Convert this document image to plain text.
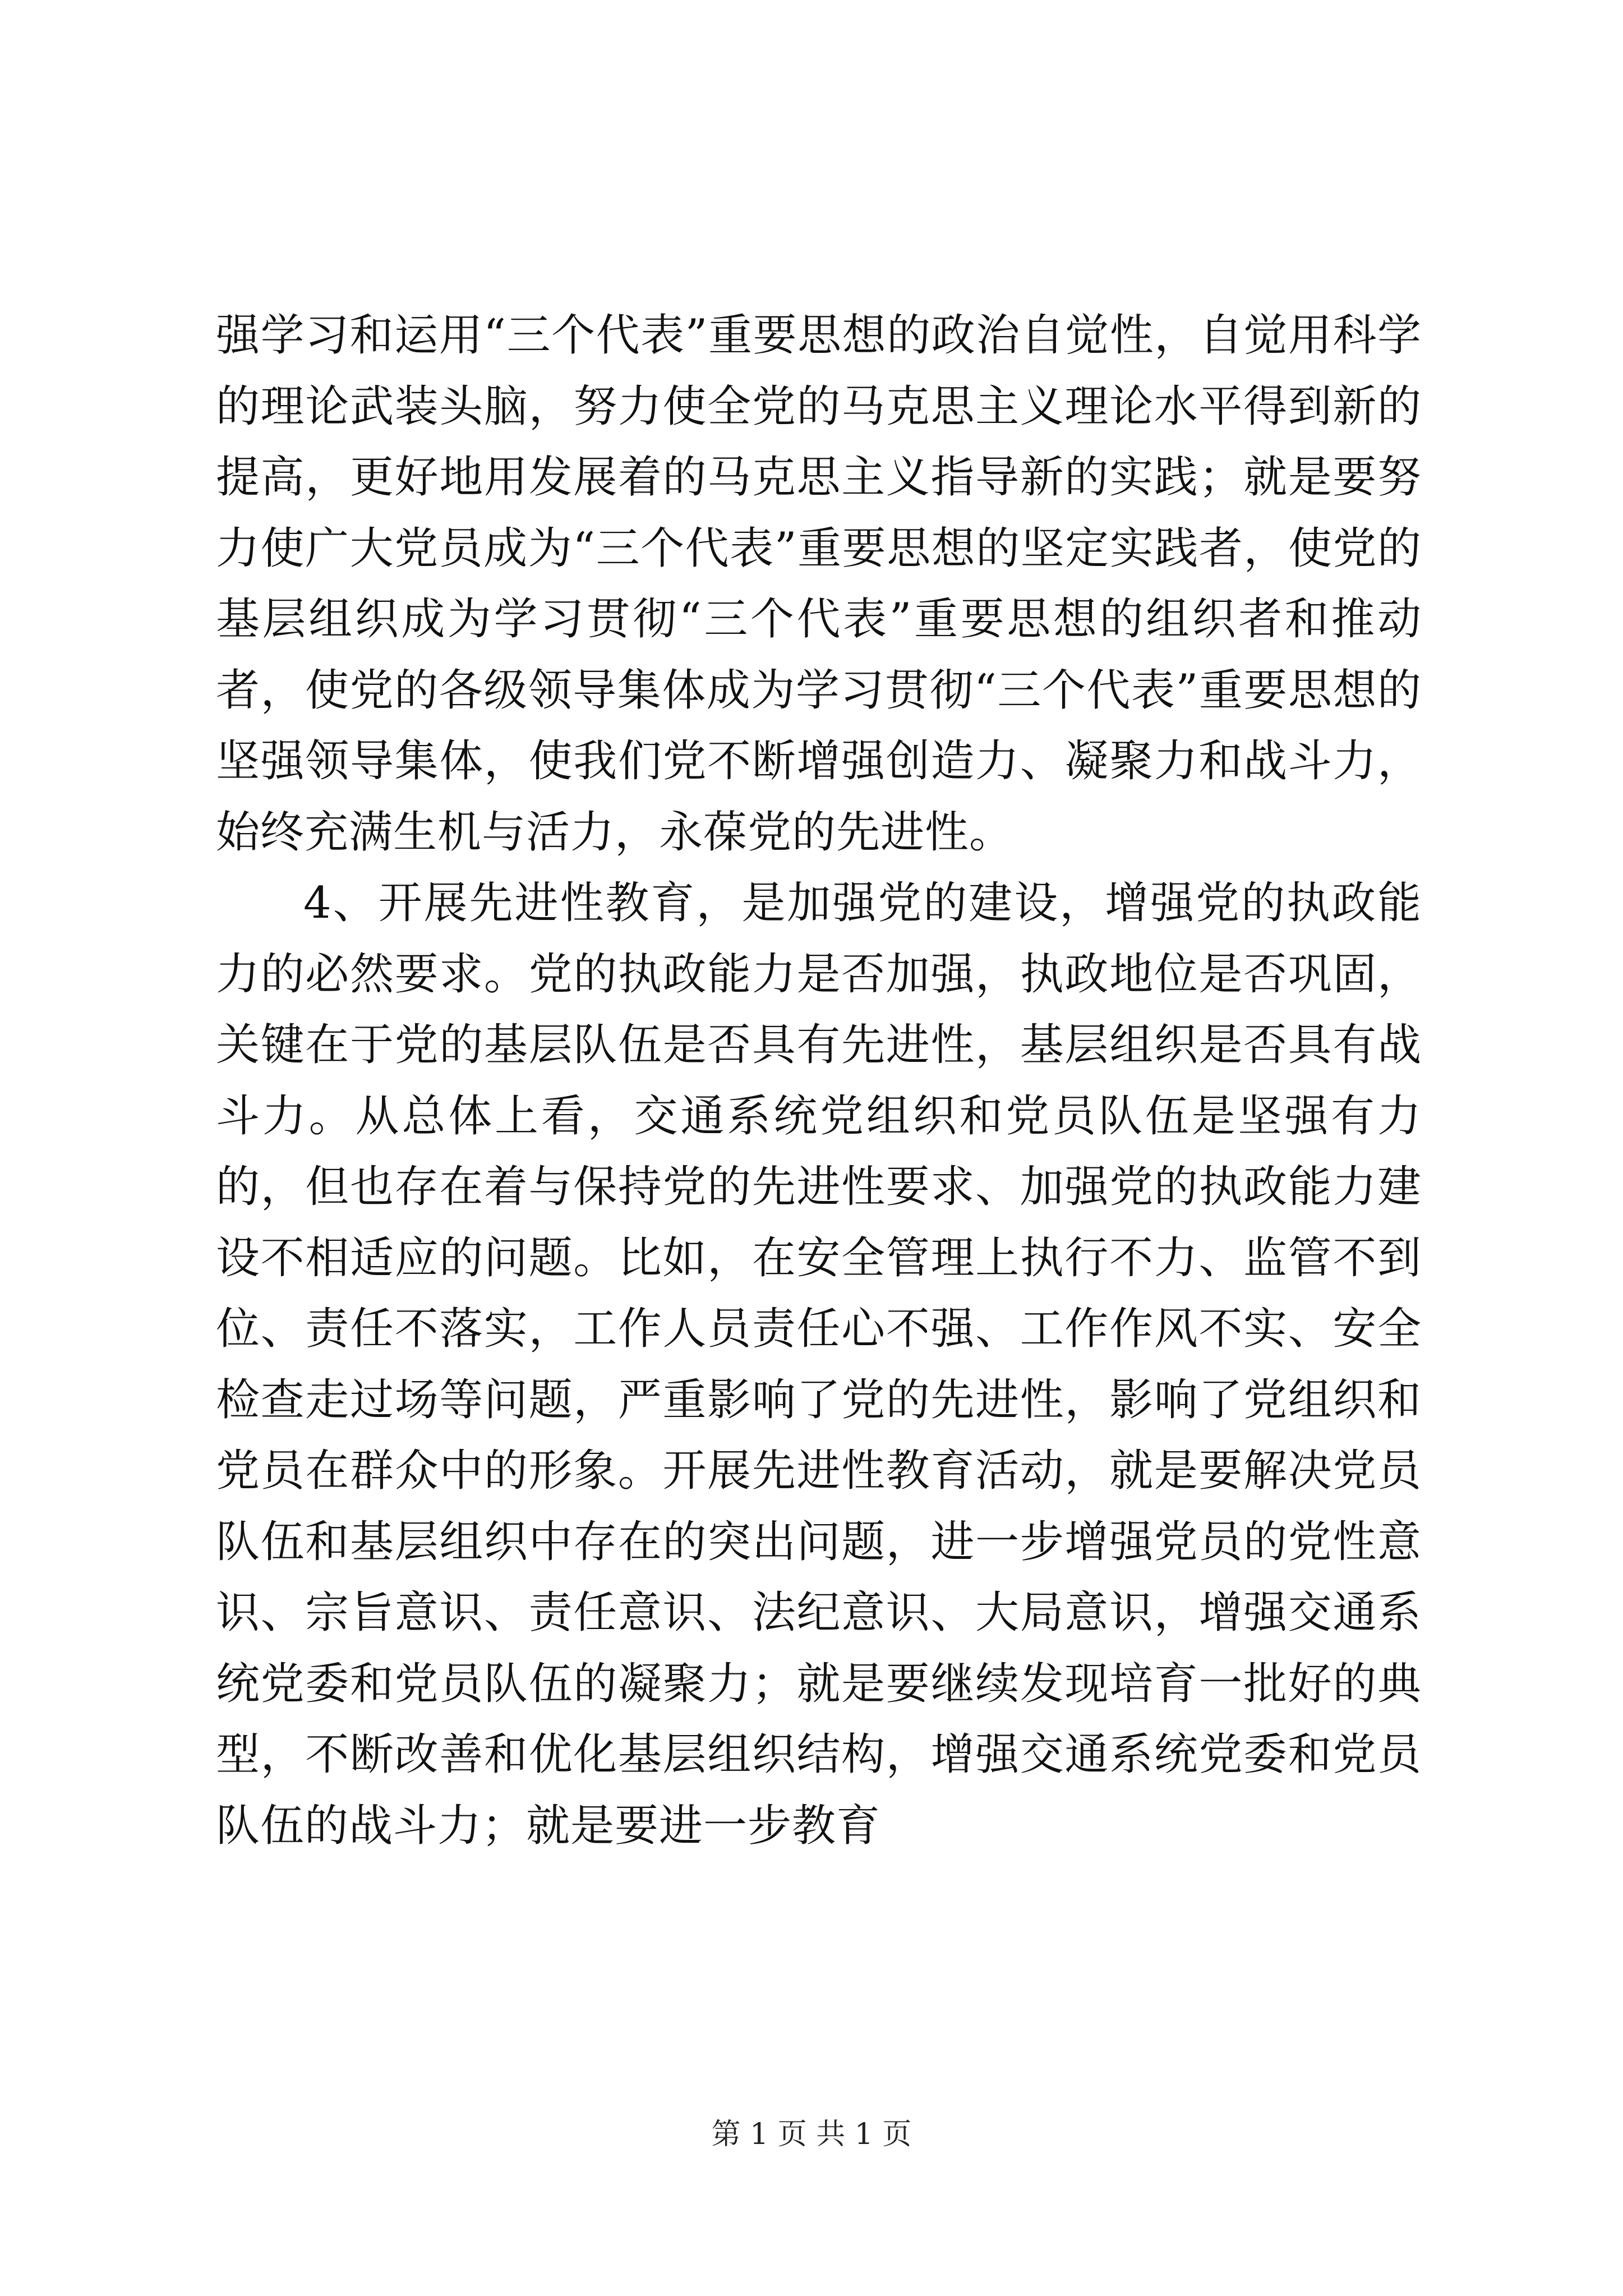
强学习和运用“三个代表”重要思想的政治自觉性，自觉用科学的理论武装头脑，努力使全党的马克思主义理论水平得到新的提高，更好地用发展着的马克思主义指导新的实践；就是要努力使广大党员成为“三个代表”重要思想的坚定实践者，使党的基层组织成为学习贯彻“三个代表”重要思想的组织者和推动者，使党的各级领导集体成为学习贯彻“三个代表”重要思想的坚强领导集体，使我们党不断增强创造力、凝聚力和战斗力，始终充满生机与活力，永葆党的先进性。

4、开展先进性教育，是加强党的建设，增强党的执政能力的必然要求。党的执政能力是否加强，执政地位是否巩固，关键在于党的基层队伍是否具有先进性，基层组织是否具有战斗力。从总体上看，交通系统党组织和党员队伍是坚强有力的，但也存在着与保持党的先进性要求、加强党的执政能力建设不相适应的问题。比如，在安全管理上执行不力、监管不到位、责任不落实，工作人员责任心不强、工作作风不实、安全检查走过场等问题，严重影响了党的先进性，影响了党组织和党员在群众中的形象。开展先进性教育活动，就是要解决党员队伍和基层组织中存在的突出问题，进一步增强党员的党性意识、宗旨意识、责任意识、法纪意识、大局意识，增强交通系统党委和党员队伍的凝聚力；就是要继续发现培育一批好的典型，不断改善和优化基层组织结构，增强交通系统党委和党员队伍的战斗力；就是要进一步教育

第 1 页 共 1 页
